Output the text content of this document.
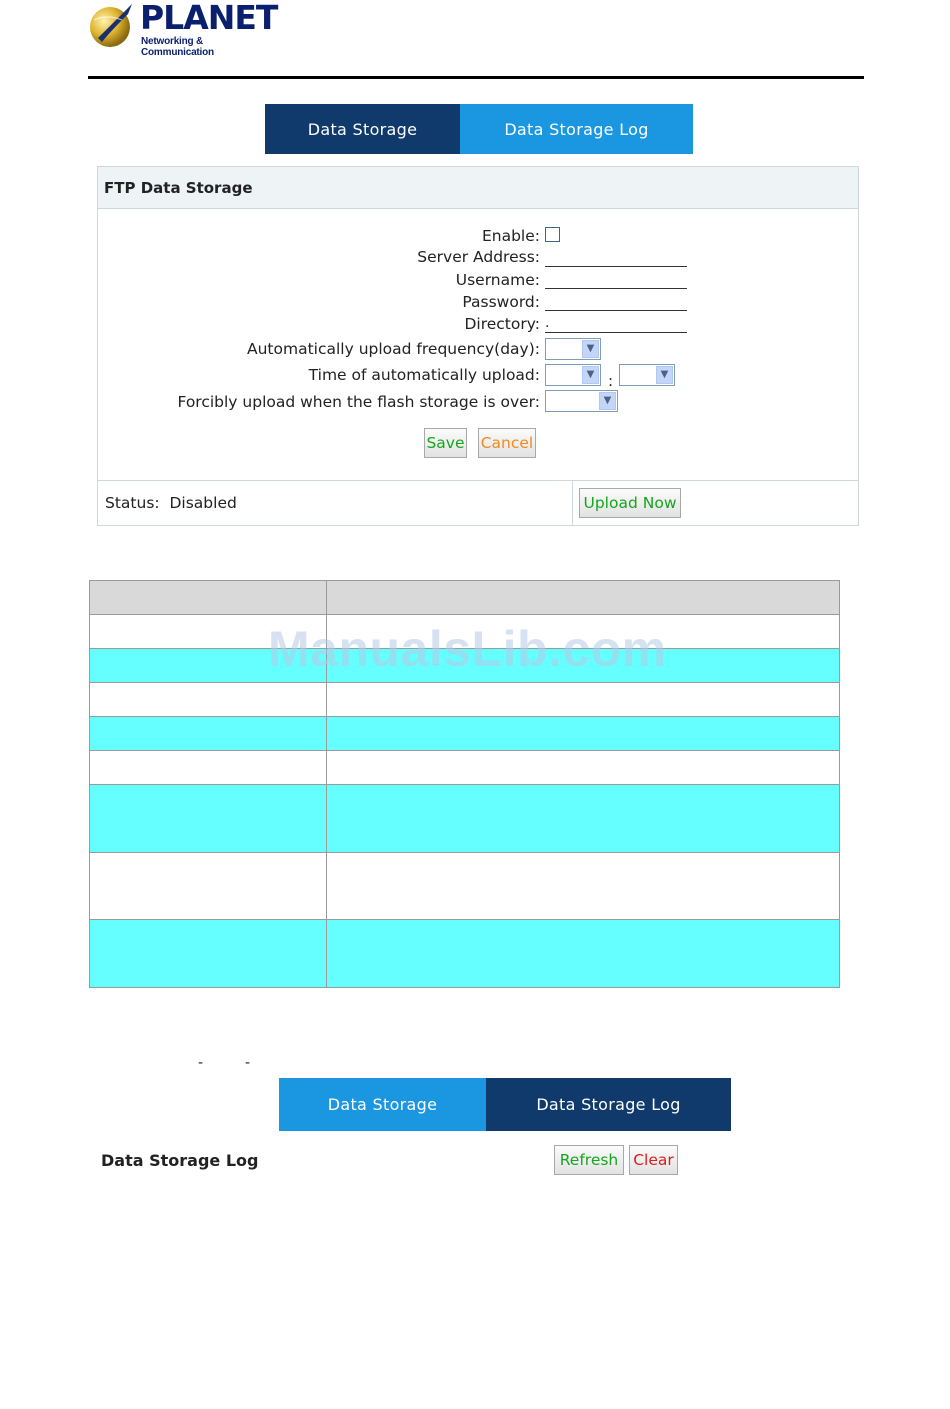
PLANET
Networking & Communication
Data Storage	Data Storage Log
FTP Data Storage
Enable:
Server Address:
Username:
Password:
Directory: .
Automatically upload frequency(day):	▼
Time of automatically upload:	▼ :	▼
Forcibly upload when the flash storage is over:	▼
Save Cancel
Status: Disabled	Upload Now

ManualsLib.com
-	-
Data Storage	Data Storage Log
Data Storage Log	Refresh Clear
